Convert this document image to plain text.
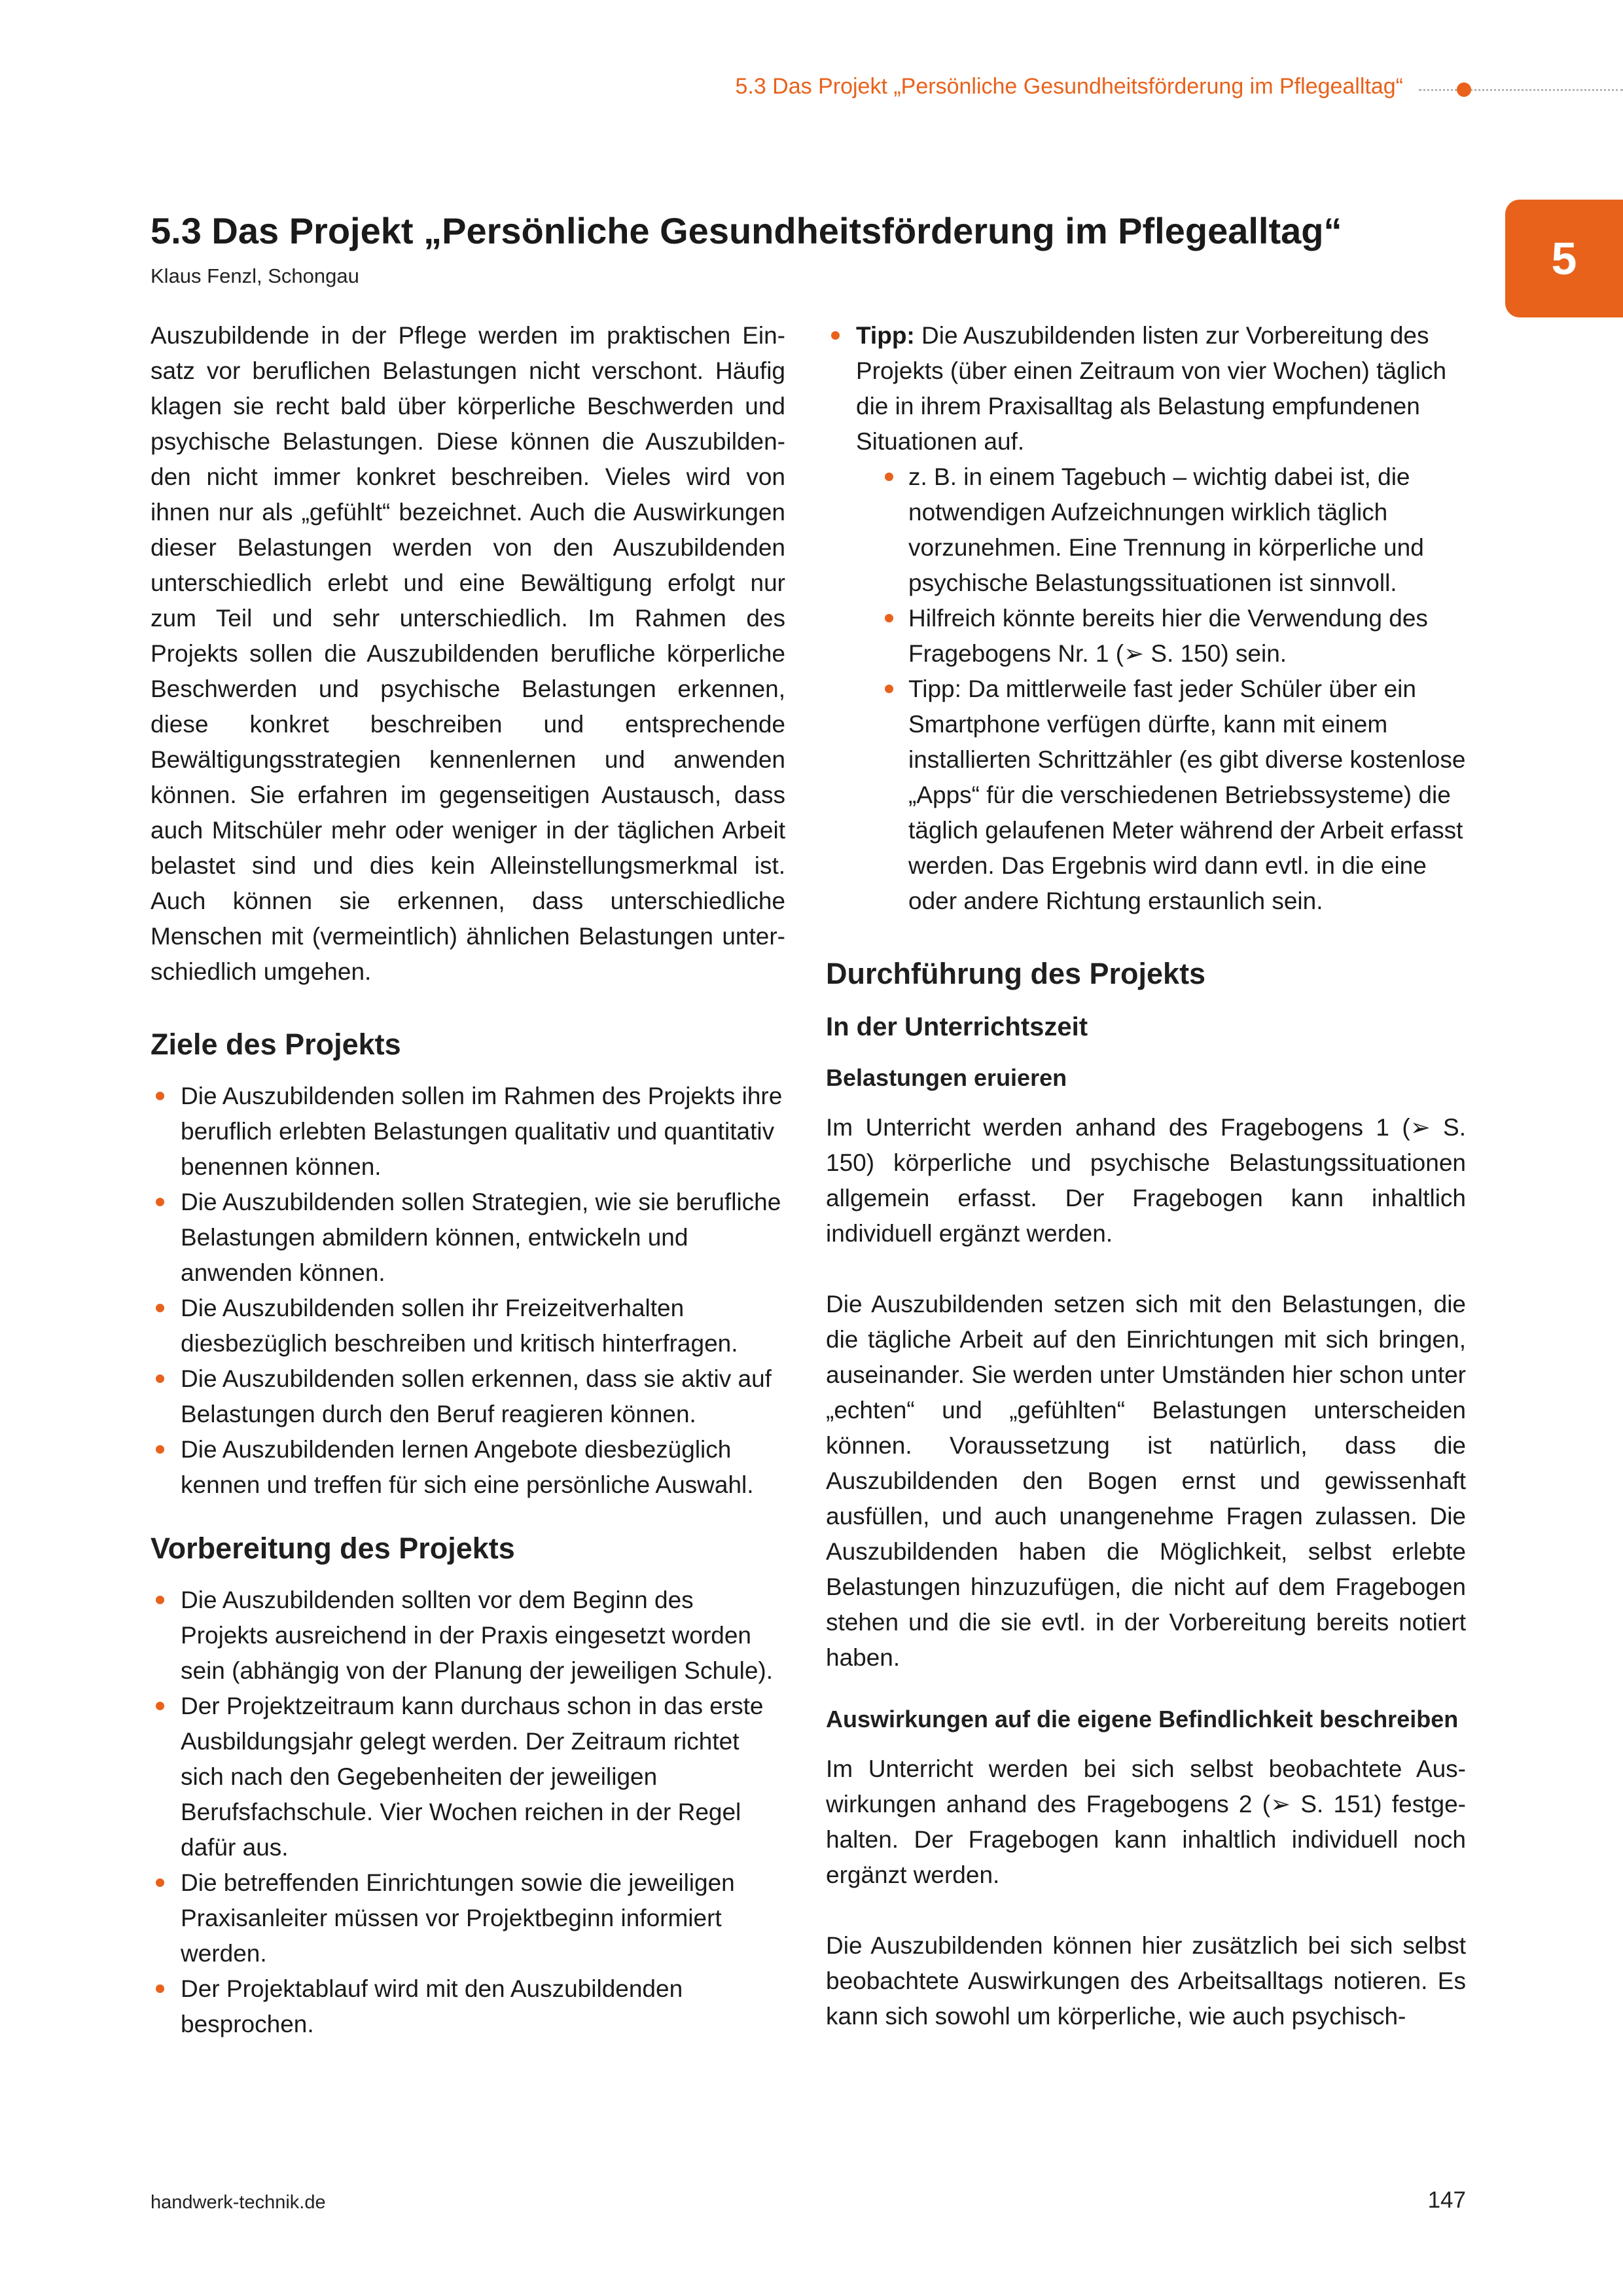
5.3 Das Projekt „Persönliche Gesundheitsförderung im Pflegealltag“
5
5.3 Das Projekt „Persönliche Gesundheitsförderung im Pflegealltag“
Klaus Fenzl, Schongau

Auszubildende in der Pflege werden im praktischen Einsatz vor beruflichen Belastungen nicht verschont. Häufig klagen sie recht bald über körperliche Beschwerden und psychische Belastungen. Diese können die Auszubildenden nicht immer konkret beschreiben. Vieles wird von ihnen nur als „gefühlt“ bezeichnet. Auch die Auswirkungen dieser Belastungen werden von den Auszubildenden unterschiedlich erlebt und eine Bewältigung erfolgt nur zum Teil und sehr unterschiedlich. Im Rahmen des Projekts sollen die Auszubildenden berufliche körperliche Beschwerden und psychische Belastungen erkennen, diese konkret beschreiben und entsprechende Bewältigungsstrategien kennenlernen und anwenden können. Sie erfahren im gegenseitigen Austausch, dass auch Mitschüler mehr oder weniger in der täglichen Arbeit belastet sind und dies kein Alleinstellungsmerkmal ist. Auch können sie erkennen, dass unterschiedliche Menschen mit (vermeintlich) ähnlichen Belastungen unterschiedlich umgehen.

Ziele des Projekts
Die Auszubildenden sollen im Rahmen des Projekts ihre beruflich erlebten Belastungen qualitativ und quantitativ benennen können.
Die Auszubildenden sollen Strategien, wie sie berufliche Belastungen abmildern können, entwickeln und anwenden können.
Die Auszubildenden sollen ihr Freizeitverhalten diesbezüglich beschreiben und kritisch hinterfragen.
Die Auszubildenden sollen erkennen, dass sie aktiv auf Belastungen durch den Beruf reagieren können.
Die Auszubildenden lernen Angebote diesbezüglich kennen und treffen für sich eine persönliche Auswahl.
Vorbereitung des Projekts
Die Auszubildenden sollten vor dem Beginn des Projekts ausreichend in der Praxis eingesetzt worden sein (abhängig von der Planung der jeweiligen Schule).
Der Projektzeitraum kann durchaus schon in das erste Ausbildungsjahr gelegt werden. Der Zeitraum richtet sich nach den Gegebenheiten der jeweiligen Berufsfachschule. Vier Wochen reichen in der Regel dafür aus.
Die betreffenden Einrichtungen sowie die jeweiligen Praxisanleiter müssen vor Projektbeginn informiert werden.
Der Projektablauf wird mit den Auszubildenden besprochen.
Tipp: Die Auszubildenden listen zur Vorbereitung des Projekts (über einen Zeitraum von vier Wochen) täglich die in ihrem Praxisalltag als Belastung empfundenen Situationen auf.
z. B. in einem Tagebuch – wichtig dabei ist, die notwendigen Aufzeichnungen wirklich täglich vorzunehmen. Eine Trennung in körperliche und psychische Belastungssituationen ist sinnvoll.
Hilfreich könnte bereits hier die Verwendung des Fragebogens Nr. 1 (➢ S. 150) sein.
Tipp: Da mittlerweile fast jeder Schüler über ein Smartphone verfügen dürfte, kann mit einem installierten Schrittzähler (es gibt diverse kostenlose „Apps“ für die verschiedenen Betriebssysteme) die täglich gelaufenen Meter während der Arbeit erfasst werden. Das Ergebnis wird dann evtl. in die eine oder andere Richtung erstaunlich sein.
Durchführung des Projekts
In der Unterrichtszeit
Belastungen eruieren

Im Unterricht werden anhand des Fragebogens 1 (➢ S. 150) körperliche und psychische Belastungssituationen allgemein erfasst. Der Fragebogen kann inhaltlich individuell ergänzt werden.

Die Auszubildenden setzen sich mit den Belastungen, die die tägliche Arbeit auf den Einrichtungen mit sich bringen, auseinander. Sie werden unter Umständen hier schon unter „echten“ und „gefühlten“ Belastungen unterscheiden können. Voraussetzung ist natürlich, dass die Auszubildenden den Bogen ernst und gewissenhaft ausfüllen, und auch unangenehme Fragen zulassen. Die Auszubildenden haben die Möglichkeit, selbst erlebte Belastungen hinzuzufügen, die nicht auf dem Fragebogen stehen und die sie evtl. in der Vorbereitung bereits notiert haben.

Auswirkungen auf die eigene Befindlichkeit beschreiben

Im Unterricht werden bei sich selbst beobachtete Auswirkungen anhand des Fragebogens 2 (➢ S. 151) festgehalten. Der Fragebogen kann inhaltlich individuell noch ergänzt werden.

Die Auszubildenden können hier zusätzlich bei sich selbst beobachtete Auswirkungen des Arbeitsalltags notieren. Es kann sich sowohl um körperliche, wie auch psychisch-

handwerk-technik.de	147
